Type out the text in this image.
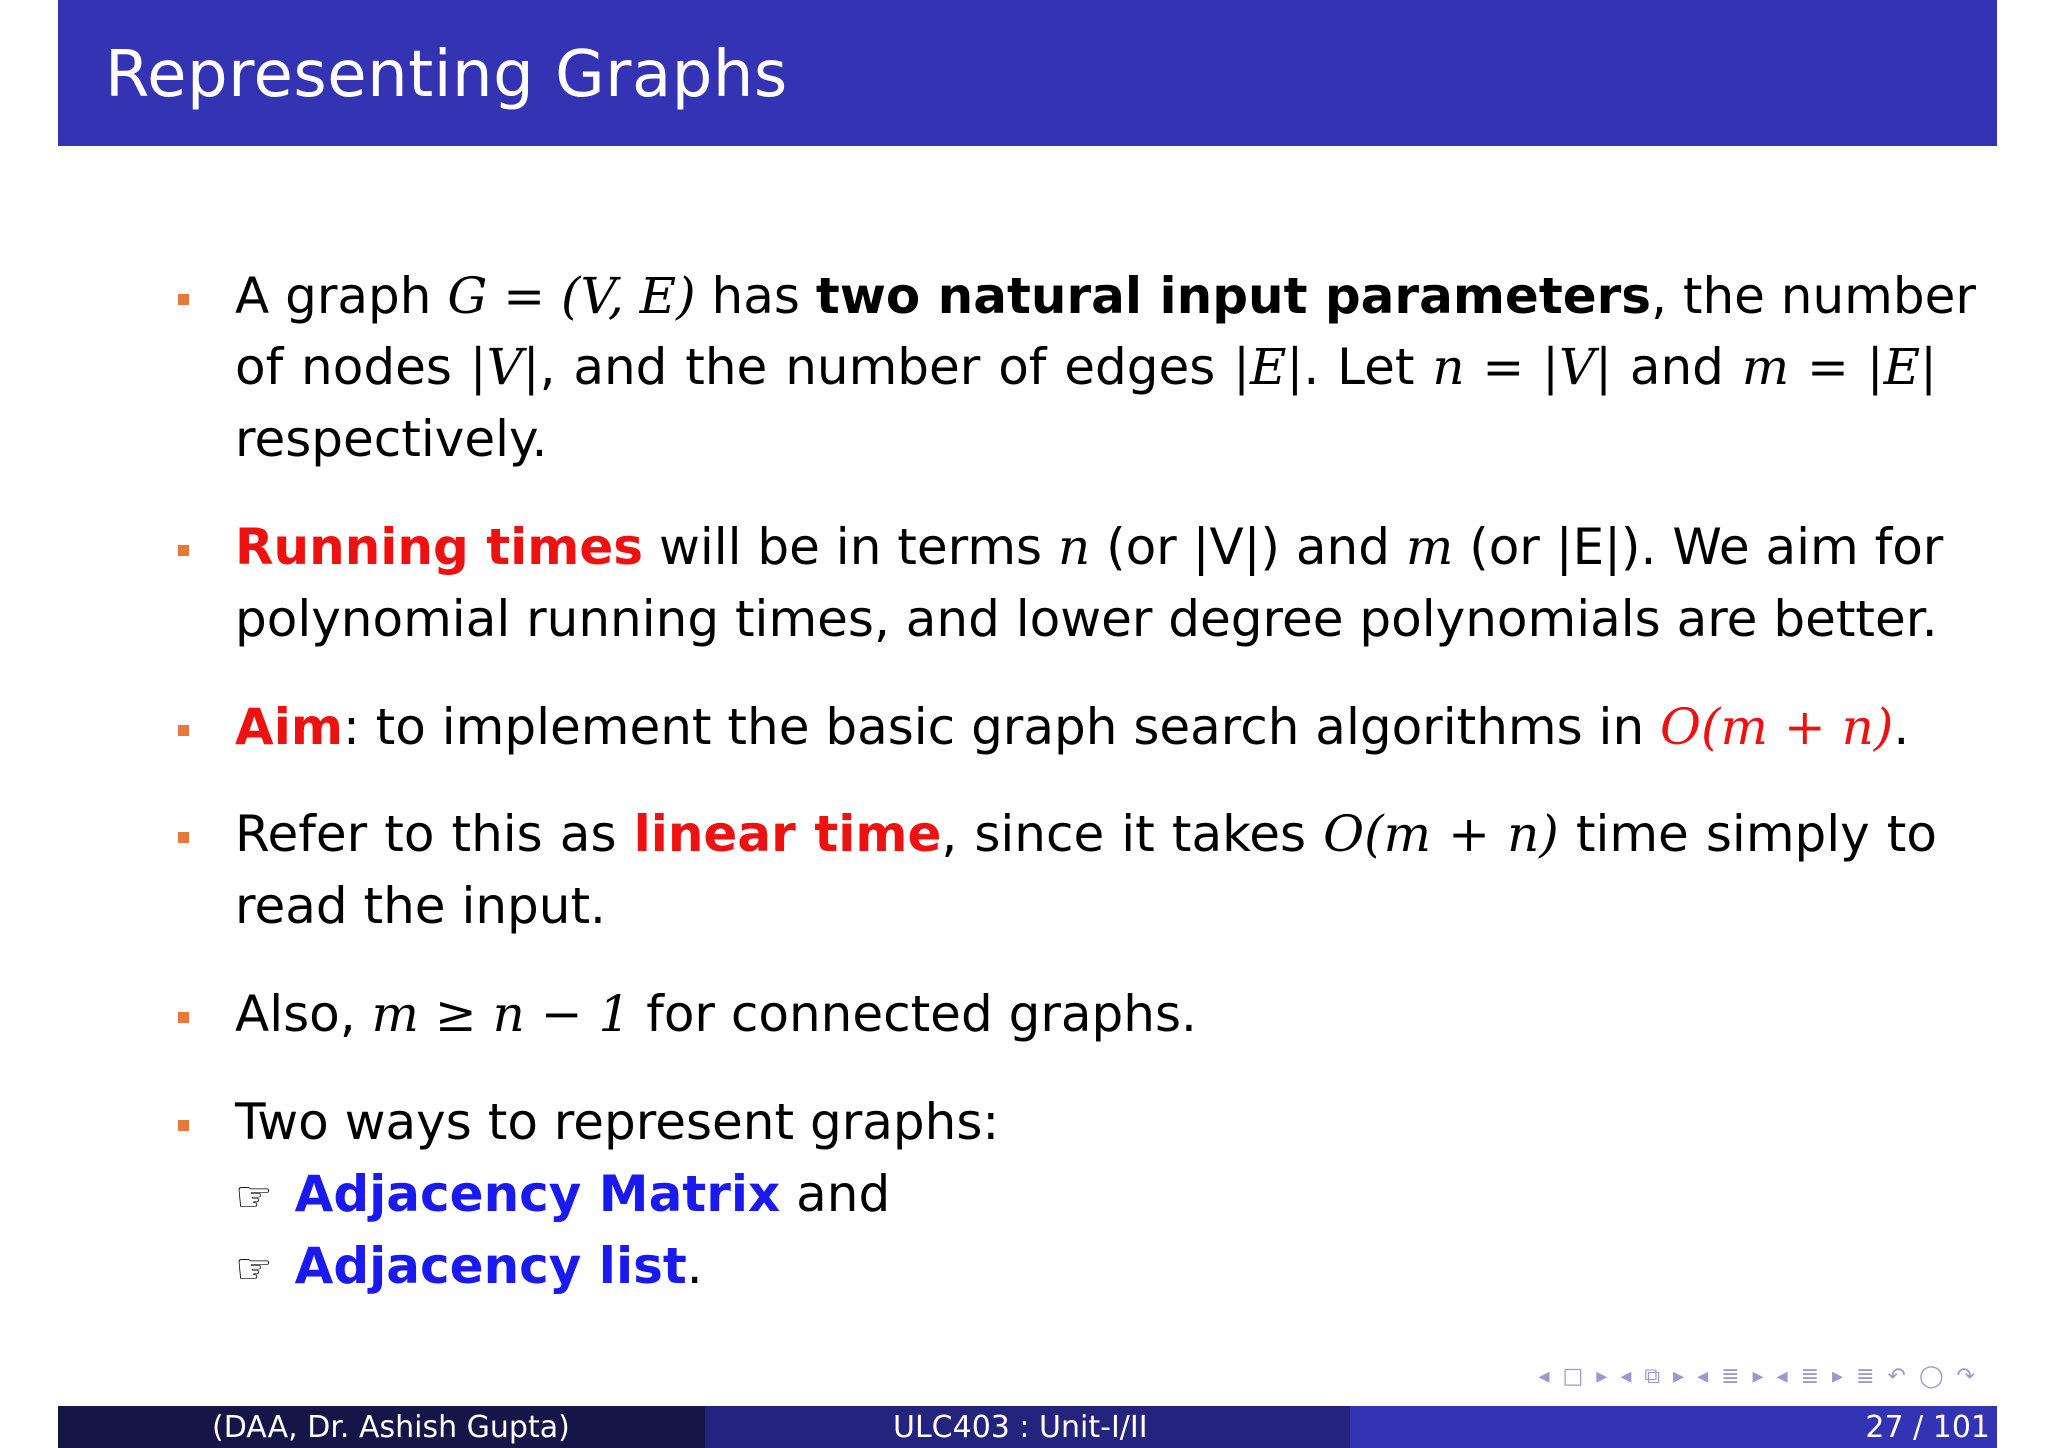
Representing Graphs
A graph G = (V, E) has two natural input parameters, the number
of nodes |V|, and the number of edges |E|. Let n = |V| and m = |E|
respectively.
Running times will be in terms n (or |V|) and m (or |E|). We aim for
polynomial running times, and lower degree polynomials are better.
Aim: to implement the basic graph search algorithms in O(m + n).
Refer to this as linear time, since it takes O(m + n) time simply to
read the input.
Also, m ≥ n − 1 for connected graphs.
Two ways to represent graphs:
☞ Adjacency Matrix and
☞ Adjacency list.
◂ □ ▸ ◂ ⧉ ▸ ◂ ≣ ▸ ◂ ≣ ▸ ≣ ↶ ◯ ↷
(DAA, Dr. Ashish Gupta)	ULC403 : Unit-I/II	27 / 101
